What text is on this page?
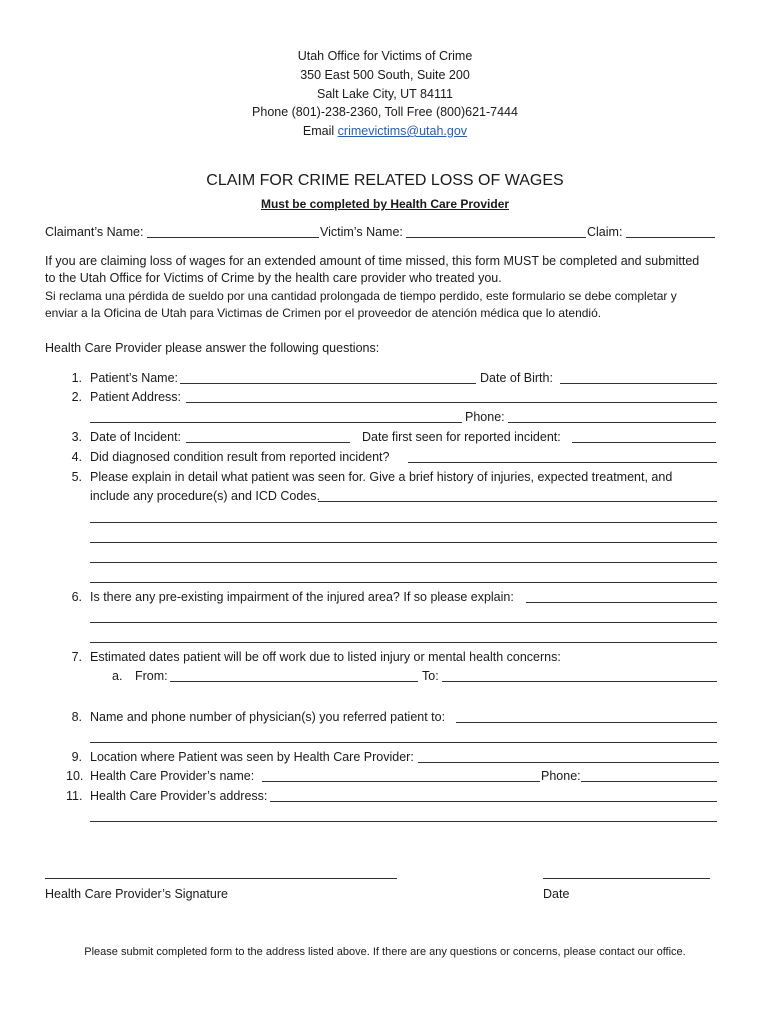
Utah Office for Victims of Crime
350 East 500 South, Suite 200
Salt Lake City, UT 84111
Phone (801)-238-2360, Toll Free (800)621-7444
Email crimevictims@utah.gov
CLAIM FOR CRIME RELATED LOSS OF WAGES
Must be completed by Health Care Provider
Claimant’s Name:	Victim’s Name:	Claim:
If you are claiming loss of wages for an extended amount of time missed, this form MUST be completed and submitted
to the Utah Office for Victims of Crime by the health care provider who treated you.
Si reclama una pérdida de sueldo por una cantidad prolongada de tiempo perdido, este formulario se debe completar y
enviar a la Oficina de Utah para Victimas de Crimen por el proveedor de atención médica que lo atendió.
Health Care Provider please answer the following questions:
1. Patient’s Name:	Date of Birth:
2. Patient Address:
Phone:
3. Date of Incident:	Date first seen for reported incident:
4. Did diagnosed condition result from reported incident?
5. Please explain in detail what patient was seen for. Give a brief history of injuries, expected treatment, and
include any procedure(s) and ICD Codes.
6. Is there any pre-existing impairment of the injured area? If so please explain:
7. Estimated dates patient will be off work due to listed injury or mental health concerns:
a. From:	To:
8. Name and phone number of physician(s) you referred patient to:
9. Location where Patient was seen by Health Care Provider:
10. Health Care Provider’s name:	Phone:
11. Health Care Provider’s address:
Health Care Provider’s Signature	Date
Please submit completed form to the address listed above. If there are any questions or concerns, please contact our office.
